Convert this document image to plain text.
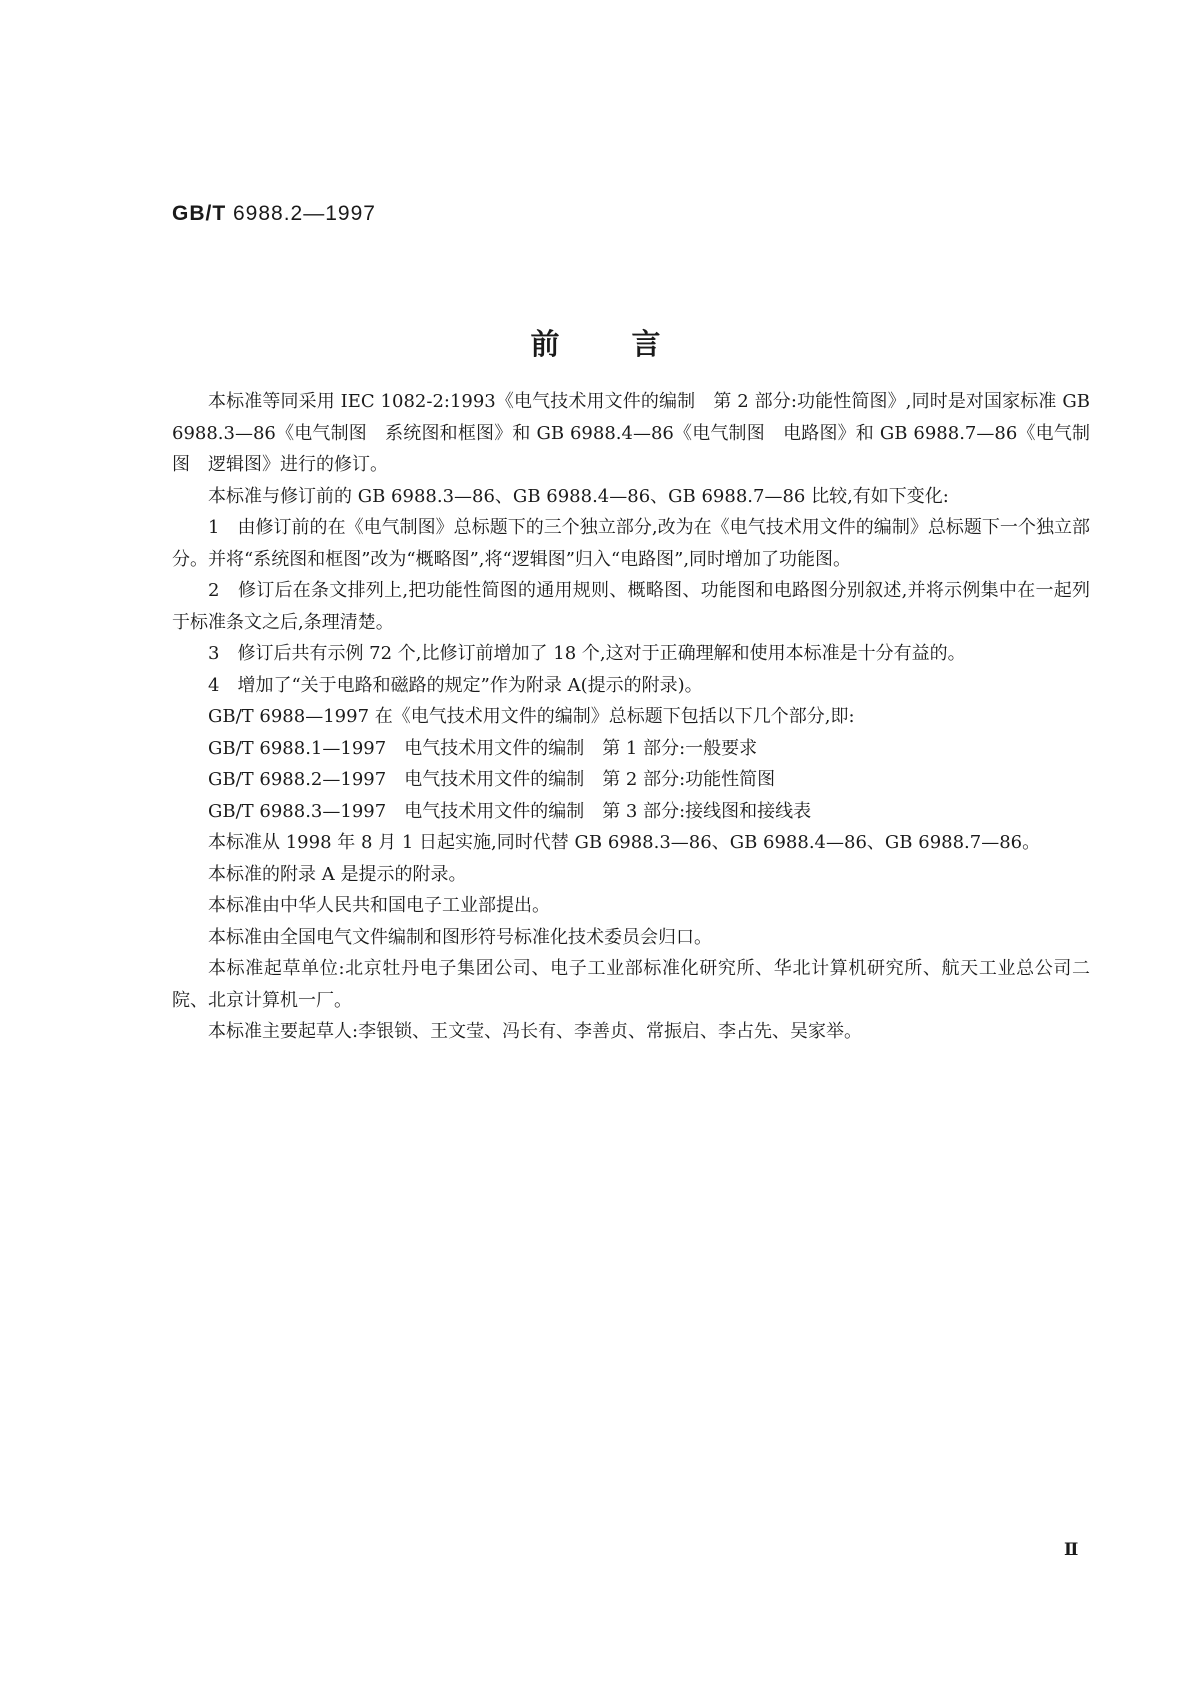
GB/T 6988.2—1997
前言

本标准等同采用 IEC 1082-2:1993《电气技术用文件的编制　第 2 部分:功能性简图》,同时是对国家标准 GB 6988.3—86《电气制图　系统图和框图》和 GB 6988.4—86《电气制图　电路图》和 GB 6988.7—86《电气制图　逻辑图》进行的修订。

本标准与修订前的 GB 6988.3—86、GB 6988.4—86、GB 6988.7—86 比较,有如下变化:

1　由修订前的在《电气制图》总标题下的三个独立部分,改为在《电气技术用文件的编制》总标题下一个独立部分。并将“系统图和框图”改为“概略图”,将“逻辑图”归入“电路图”,同时增加了功能图。

2　修订后在条文排列上,把功能性简图的通用规则、概略图、功能图和电路图分别叙述,并将示例集中在一起列于标准条文之后,条理清楚。

3　修订后共有示例 72 个,比修订前增加了 18 个,这对于正确理解和使用本标准是十分有益的。

4　增加了“关于电路和磁路的规定”作为附录 A(提示的附录)。

GB/T 6988—1997 在《电气技术用文件的编制》总标题下包括以下几个部分,即:

GB/T 6988.1—1997　电气技术用文件的编制　第 1 部分:一般要求

GB/T 6988.2—1997　电气技术用文件的编制　第 2 部分:功能性简图

GB/T 6988.3—1997　电气技术用文件的编制　第 3 部分:接线图和接线表

本标准从 1998 年 8 月 1 日起实施,同时代替 GB 6988.3—86、GB 6988.4—86、GB 6988.7—86。

本标准的附录 A 是提示的附录。

本标准由中华人民共和国电子工业部提出。

本标准由全国电气文件编制和图形符号标准化技术委员会归口。

本标准起草单位:北京牡丹电子集团公司、电子工业部标准化研究所、华北计算机研究所、航天工业总公司二院、北京计算机一厂。

本标准主要起草人:李银锁、王文莹、冯长有、李善贞、常振启、李占先、吴家举。

Ⅱ
